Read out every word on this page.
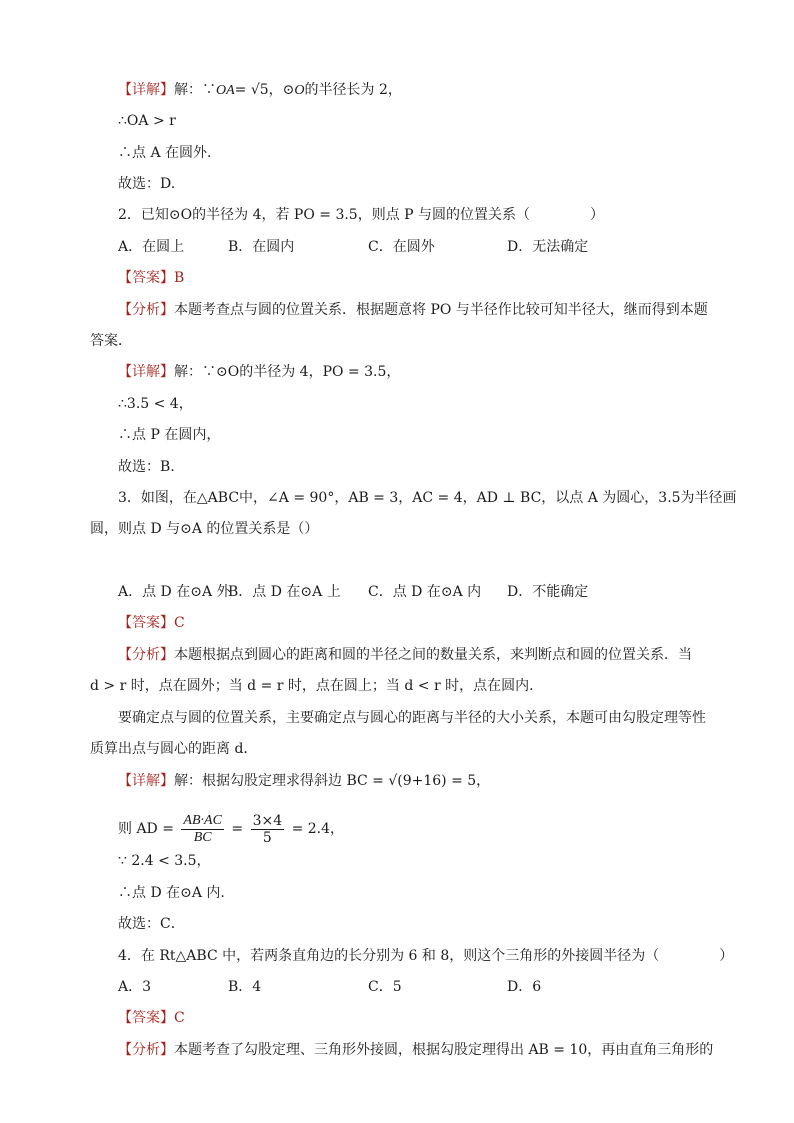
【详解】解：∵OA= √5，⊙O的半径长为 2，
∴OA > r
∴点 A 在圆外.
故选：D.
2．已知⊙O的半径为 4，若 PO = 3.5，则点 P 与圆的位置关系（	）
A．在圆上	B．在圆内	C．在圆外	D．无法确定
【答案】B
【分析】本题考查点与圆的位置关系．根据题意将 PO 与半径作比较可知半径大，继而得到本题
答案．
【详解】解：∵⊙O的半径为 4，PO = 3.5，
∴3.5 < 4，
∴点 P 在圆内，
故选：B.
3．如图，在△ABC中，∠A = 90°，AB = 3，AC = 4，AD ⊥ BC，以点 A 为圆心，3.5为半径画
圆，则点 D 与⊙A 的位置关系是（）
A．点 D 在⊙A 外
B．点 D 在⊙A 上 C．点 D 在⊙A 内 D．不能确定
【答案】C
【分析】本题根据点到圆心的距离和圆的半径之间的数量关系，来判断点和圆的位置关系．当
d > r 时，点在圆外；当 d = r 时，点在圆上；当 d < r 时，点在圆内.
要确定点与圆的位置关系，主要确定点与圆心的距离与半径的大小关系，本题可由勾股定理等性
质算出点与圆心的距离 d．
【详解】解：根据勾股定理求得斜边 BC = √(9+16) = 5，
则 AD = $\frac{AB\cdot AC}{BC} = \frac{3\times 4}{5} = 2.4$，
∵ 2.4 < 3.5，
∴点 D 在⊙A 内.
故选：C．
4．在 Rt△ABC 中，若两条直角边的长分别为 6 和 8，则这个三角形的外接圆半径为（	）
A．3	B．4	C．5	D．6
【答案】C
【分析】本题考查了勾股定理、三角形外接圆，根据勾股定理得出 AB = 10，再由直角三角形的
